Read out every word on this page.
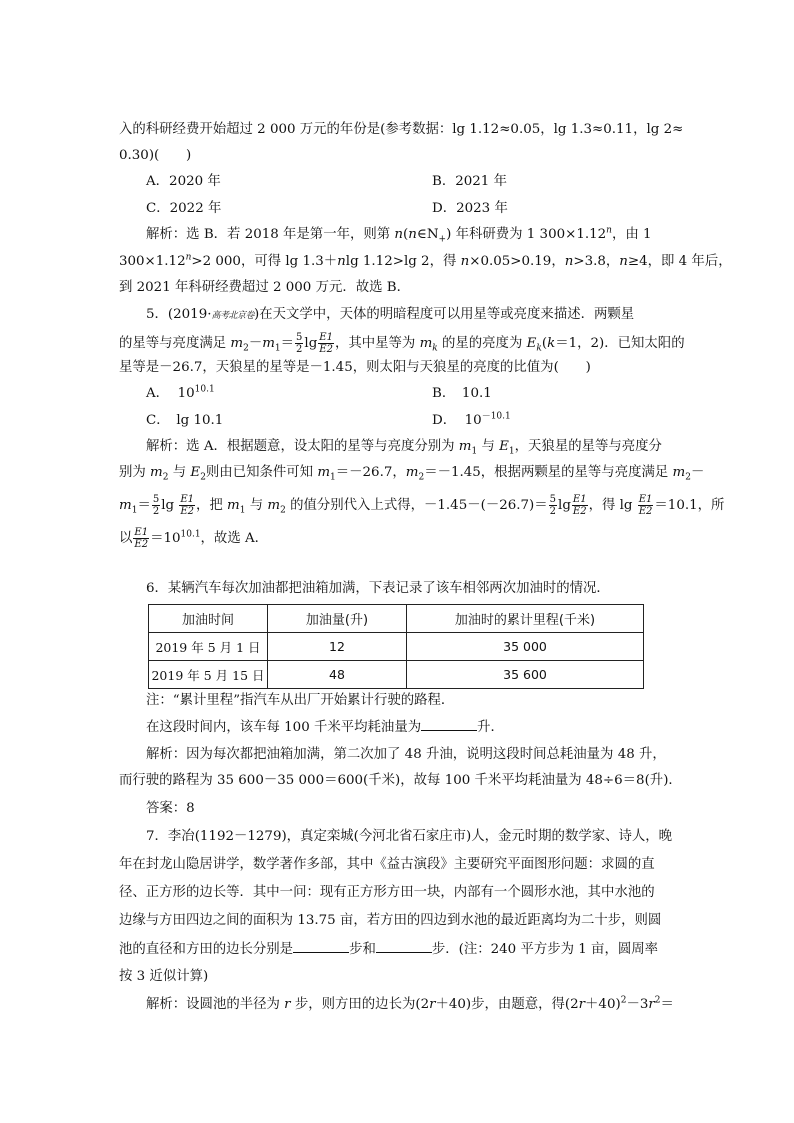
入的科研经费开始超过 2 000 万元的年份是(参考数据：lg 1.12≈0.05，lg 1.3≈0.11，lg 2≈
0.30)(　　)
A．2020 年	B．2021 年
C．2022 年	D．2023 年
解析：选 B．若 2018 年是第一年，则第 $n(n\in N_+)$ 年科研费为 1 $300\times 1.12^n$，由 1
$300\times 1.12^n>2$ 000，可得 lg 1.3＋nlg 1.12>lg 2，得 n×0.05>0.19，n>3.8，n≥4，即 4 年后，
到 2021 年科研经费超过 2 000 万元．故选 B．
5．(2019·高考北京卷)在天文学中，天体的明暗程度可以用星等或亮度来描述．两颗星
的星等与亮度满足 $m_2-m_1= \frac{5}{2}$ $\lg \frac{E1}{E2}$ ，其中星等为 $m_k$ 的星的亮度为 $E_k(k=1$，2)．已知太阳的
星等是－26.7，天狼星的星等是－1.45，则太阳与天狼星的亮度的比值为(　　)
A． $10^{10.1}$	B．　10.1
C．　lg 10.1	D． $10^{-10.1}$
解析：选 A．根据题意，设太阳的星等与亮度分别为 $m_1$ 与 $E_1$，天狼星的星等与亮度分
别为 $m_2$ 与 $E_2$则由已知条件可知 $m_1=-26.7$，$m_2=-1.45$，根据两颗星的星等与亮度满足 $m_2-$
$m_1= \frac{5}{2}$ $\lg \frac{E1}{E2}$ ，把 $m_1$ 与 $m_2$ 的值分别代入上式得，$-1.45-(-26.7)= \frac{5}{2}$ $\lg \frac{E1}{E2}$ ，得 $\lg \frac{E1}{E2} =10.1$，所
以 $\frac{E1}{E2} =10^{10.1}$，故选 A．
6．某辆汽车每次加油都把油箱加满，下表记录了该车相邻两次加油时的情况．
加油时间	加油量(升)	加油时的累计里程(千米)
2019 年 5 月 1 日	12	35 000
2019 年 5 月 15 日	48	35 600
注：“累计里程”指汽车从出厂开始累计行驶的路程．
在这段时间内，该车每 100 千米平均耗油量为	升．
解析：因为每次都把油箱加满，第二次加了 48 升油，说明这段时间总耗油量为 48 升，
而行驶的路程为 35 600－35 000＝600(千米)，故每 100 千米平均耗油量为 48÷6＝8(升)．
答案：8
7．李冶(1192－1279)，真定栾城(今河北省石家庄市)人，金元时期的数学家、诗人，晚
年在封龙山隐居讲学，数学著作多部，其中《益古演段》主要研究平面图形问题：求圆的直
径、正方形的边长等．其中一问：现有正方形方田一块，内部有一个圆形水池，其中水池的
边缘与方田四边之间的面积为 13.75 亩，若方田的四边到水池的最近距离均为二十步，则圆
池的直径和方田的边长分别是	步和	步．(注：240 平方步为 1 亩，圆周率
按 3 近似计算)
解析：设圆池的半径为 r 步，则方田的边长为(2r＋40)步，由题意，得$(2r+40)^2-3r^2=$
